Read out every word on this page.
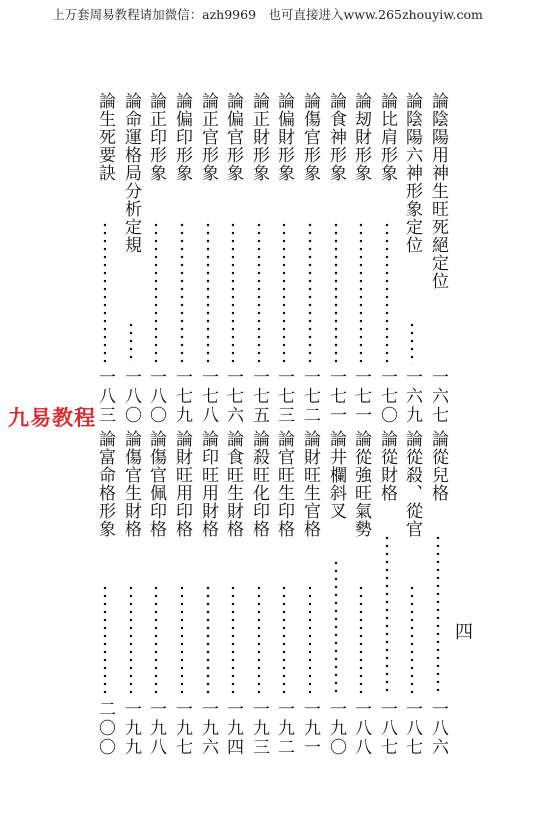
上万套周易教程请加微信：azh9969　也可直接进入www.265zhouyiw.com
論陰陽用神生旺死絕定位
一六七
論陰陽六神形象定位
一六九
論比肩形象
一七〇
論刼財形象
一七一
論食神形象
一七一
論傷官形象
一七二
論偏財形象
一七三
論正財形象
一七五
論偏官形象
一七六
論正官形象
一七八
論偏印形象
一七九
論正印形象
一八〇
論命運格局分析定規
一八〇
論生死要訣
一八三
論從兒格
一八六
論從殺、從官
一八七
論從財格
一八七
論從強旺氣勢
一八八
論井欄斜叉
一九〇
論財旺生官格
一九一
論官旺生印格
一九二
論殺旺化印格
一九三
論食旺生財格
一九四
論印旺用財格
一九六
論財旺用印格
一九七
論傷官佩印格
一九八
論傷官生財格
一九九
論富命格形象
二〇〇
九易教程
四
